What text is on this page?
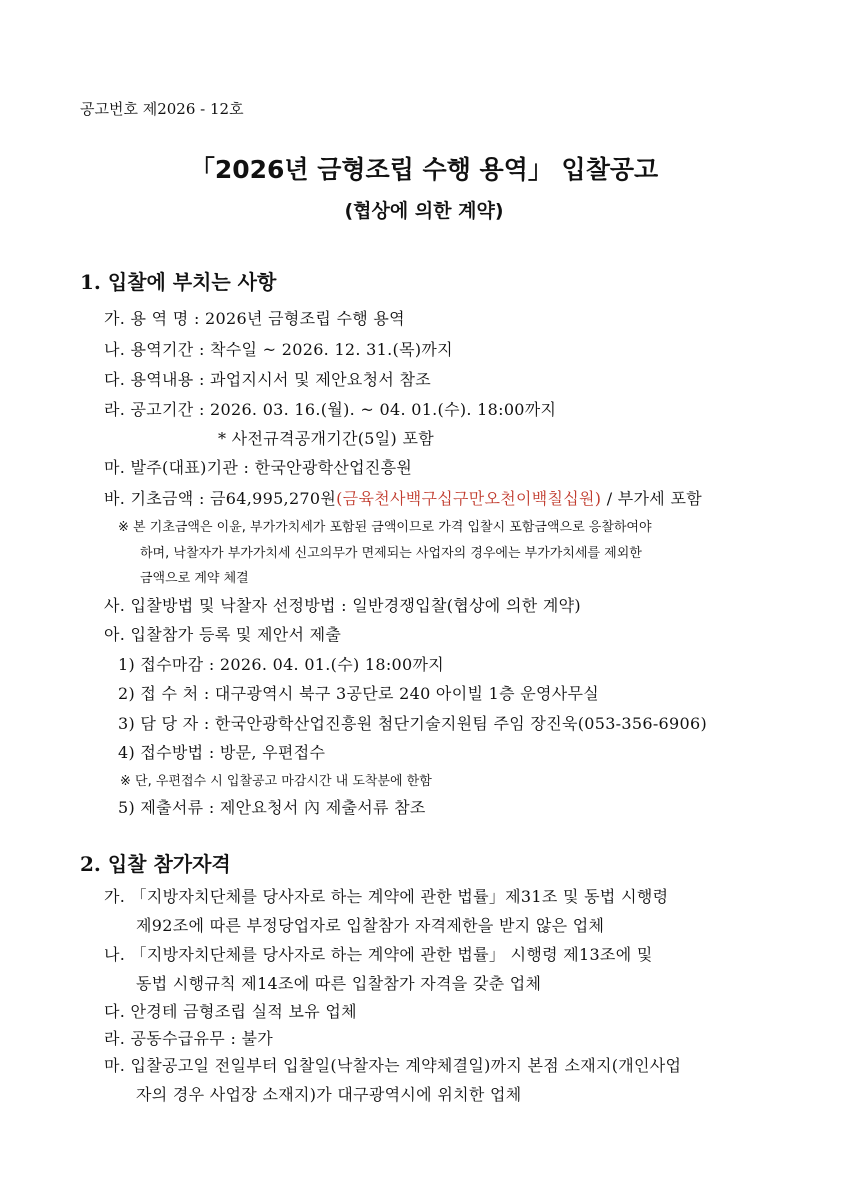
공고번호 제2026 - 12호
「2026년 금형조립 수행 용역」 입찰공고
(협상에 의한 계약)
1. 입찰에 부치는 사항
가. 용 역 명 : 2026년 금형조립 수행 용역
나. 용역기간 : 착수일 ~ 2026. 12. 31.(목)까지
다. 용역내용 : 과업지시서 및 제안요청서 참조
라. 공고기간 : 2026. 03. 16.(월). ~ 04. 01.(수). 18:00까지
* 사전규격공개기간(5일) 포함
마. 발주(대표)기관 : 한국안광학산업진흥원
바. 기초금액 : 금64,995,270원(금육천사백구십구만오천이백칠십원) / 부가세 포함
※ 본 기초금액은 이윤, 부가가치세가 포함된 금액이므로 가격 입찰시 포함금액으로 응찰하여야
하며, 낙찰자가 부가가치세 신고의무가 면제되는 사업자의 경우에는 부가가치세를 제외한
금액으로 계약 체결
사. 입찰방법 및 낙찰자 선정방법 : 일반경쟁입찰(협상에 의한 계약)
아. 입찰참가 등록 및 제안서 제출
1) 접수마감 : 2026. 04. 01.(수) 18:00까지
2) 접 수 처 : 대구광역시 북구 3공단로 240 아이빌 1층 운영사무실
3) 담 당 자 : 한국안광학산업진흥원 첨단기술지원팀 주임 장진욱(053-356-6906)
4) 접수방법 : 방문, 우편접수
※ 단, 우편접수 시 입찰공고 마감시간 내 도착분에 한함
5) 제출서류 : 제안요청서 內 제출서류 참조
2. 입찰 참가자격
가. 「지방자치단체를 당사자로 하는 계약에 관한 법률」제31조 및 동법 시행령
제92조에 따른 부정당업자로 입찰참가 자격제한을 받지 않은 업체
나. 「지방자치단체를 당사자로 하는 계약에 관한 법률」 시행령 제13조에 및
동법 시행규칙 제14조에 따른 입찰참가 자격을 갖춘 업체
다. 안경테 금형조립 실적 보유 업체
라. 공동수급유무 : 불가
마. 입찰공고일 전일부터 입찰일(낙찰자는 계약체결일)까지 본점 소재지(개인사업
자의 경우 사업장 소재지)가 대구광역시에 위치한 업체
